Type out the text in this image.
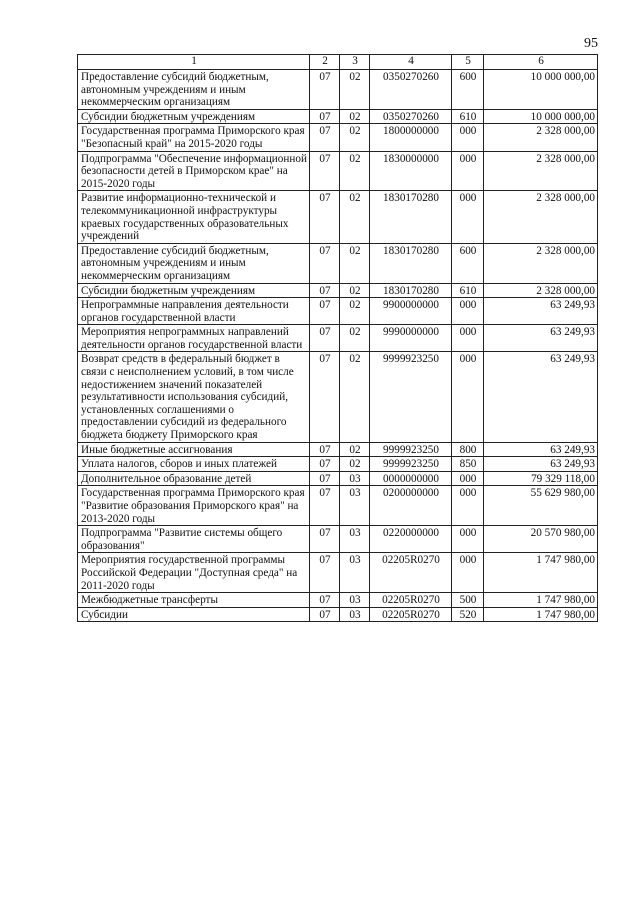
95
1	2	3	4	5	6
Предоставление субсидий бюджетным, автономным учреждениям и иным некоммерческим организациям	07	02	0350270260	600	10 000 000,00
Субсидии бюджетным учреждениям	07	02	0350270260	610	10 000 000,00
Государственная программа Приморского края "Безопасный край" на 2015-2020 годы	07	02	1800000000	000	2 328 000,00
Подпрограмма "Обеспечение информационной безопасности детей в Приморском крае" на 2015-2020 годы	07	02	1830000000	000	2 328 000,00
Развитие информационно-технической и телекоммуникационной инфраструктуры краевых государственных образовательных учреждений	07	02	1830170280	000	2 328 000,00
Предоставление субсидий бюджетным, автономным учреждениям и иным некоммерческим организациям	07	02	1830170280	600	2 328 000,00
Субсидии бюджетным учреждениям	07	02	1830170280	610	2 328 000,00
Непрограммные направления деятельности органов государственной власти	07	02	9900000000	000	63 249,93
Мероприятия непрограммных направлений деятельности органов государственной власти	07	02	9990000000	000	63 249,93
Возврат средств в федеральный бюджет в связи с неисполнением условий, в том числе недостижением значений показателей результативности использования субсидий, установленных соглашениями о предоставлении субсидий из федерального бюджета бюджету Приморского края	07	02	9999923250	000	63 249,93
Иные бюджетные ассигнования	07	02	9999923250	800	63 249,93
Уплата налогов, сборов и иных платежей	07	02	9999923250	850	63 249,93
Дополнительное образование детей	07	03	0000000000	000	79 329 118,00
Государственная программа Приморского края "Развитие образования Приморского края" на 2013-2020 годы	07	03	0200000000	000	55 629 980,00
Подпрограмма "Развитие системы общего образования"	07	03	0220000000	000	20 570 980,00
Мероприятия государственной программы Российской Федерации "Доступная среда" на 2011-2020 годы	07	03	02205R0270	000	1 747 980,00
Межбюджетные трансферты	07	03	02205R0270	500	1 747 980,00
Субсидии	07	03	02205R0270	520	1 747 980,00
